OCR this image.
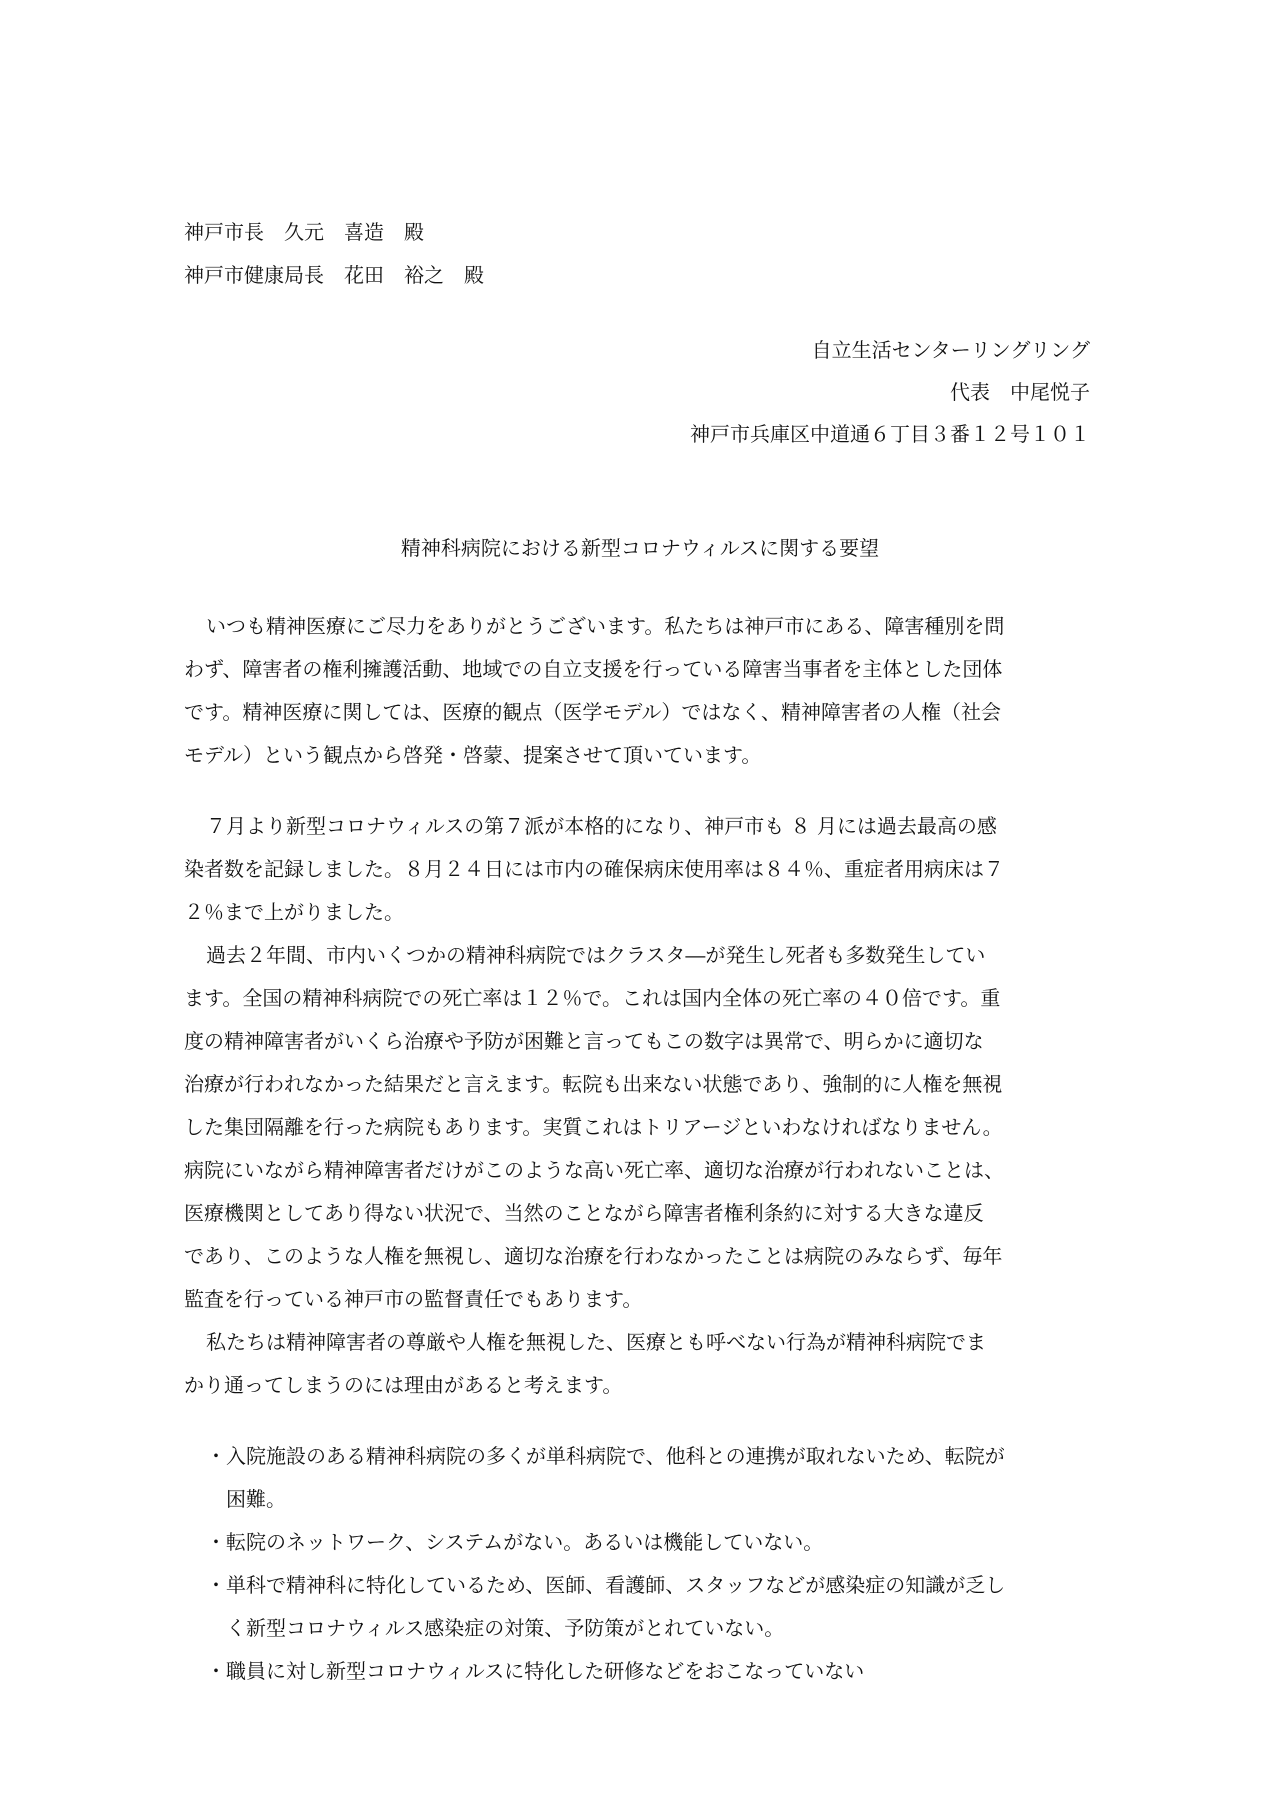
神戸市長　久元　喜造　殿
神戸市健康局長　花田　裕之　殿
自立生活センターリングリング
代表　中尾悦子
神戸市兵庫区中道通６丁目３番１２号１０１
精神科病院における新型コロナウィルスに関する要望
いつも精神医療にご尽力をありがとうございます。私たちは神戸市にある、障害種別を問
わず、障害者の権利擁護活動、地域での自立支援を行っている障害当事者を主体とした団体
です。精神医療に関しては、医療的観点（医学モデル）ではなく、精神障害者の人権（社会
モデル）という観点から啓発・啓蒙、提案させて頂いています。
７月より新型コロナウィルスの第７派が本格的になり、神戸市も ８ 月には過去最高の感
染者数を記録しました。８月２４日には市内の確保病床使用率は８４％、重症者用病床は７
２％まで上がりました。
過去２年間、市内いくつかの精神科病院ではクラスタ―が発生し死者も多数発生してい
ます。全国の精神科病院での死亡率は１２％で。これは国内全体の死亡率の４０倍です。重
度の精神障害者がいくら治療や予防が困難と言ってもこの数字は異常で、明らかに適切な
治療が行われなかった結果だと言えます。転院も出来ない状態であり、強制的に人権を無視
した集団隔離を行った病院もあります。実質これはトリアージといわなければなりません。
病院にいながら精神障害者だけがこのような高い死亡率、適切な治療が行われないことは、
医療機関としてあり得ない状況で、当然のことながら障害者権利条約に対する大きな違反
であり、このような人権を無視し、適切な治療を行わなかったことは病院のみならず、毎年
監査を行っている神戸市の監督責任でもあります。
私たちは精神障害者の尊厳や人権を無視した、医療とも呼べない行為が精神科病院でま
かり通ってしまうのには理由があると考えます。
・入院施設のある精神科病院の多くが単科病院で、他科との連携が取れないため、転院が
　困難。
・転院のネットワーク、システムがない。あるいは機能していない。
・単科で精神科に特化しているため、医師、看護師、スタッフなどが感染症の知識が乏し
　く新型コロナウィルス感染症の対策、予防策がとれていない。
・職員に対し新型コロナウィルスに特化した研修などをおこなっていない
